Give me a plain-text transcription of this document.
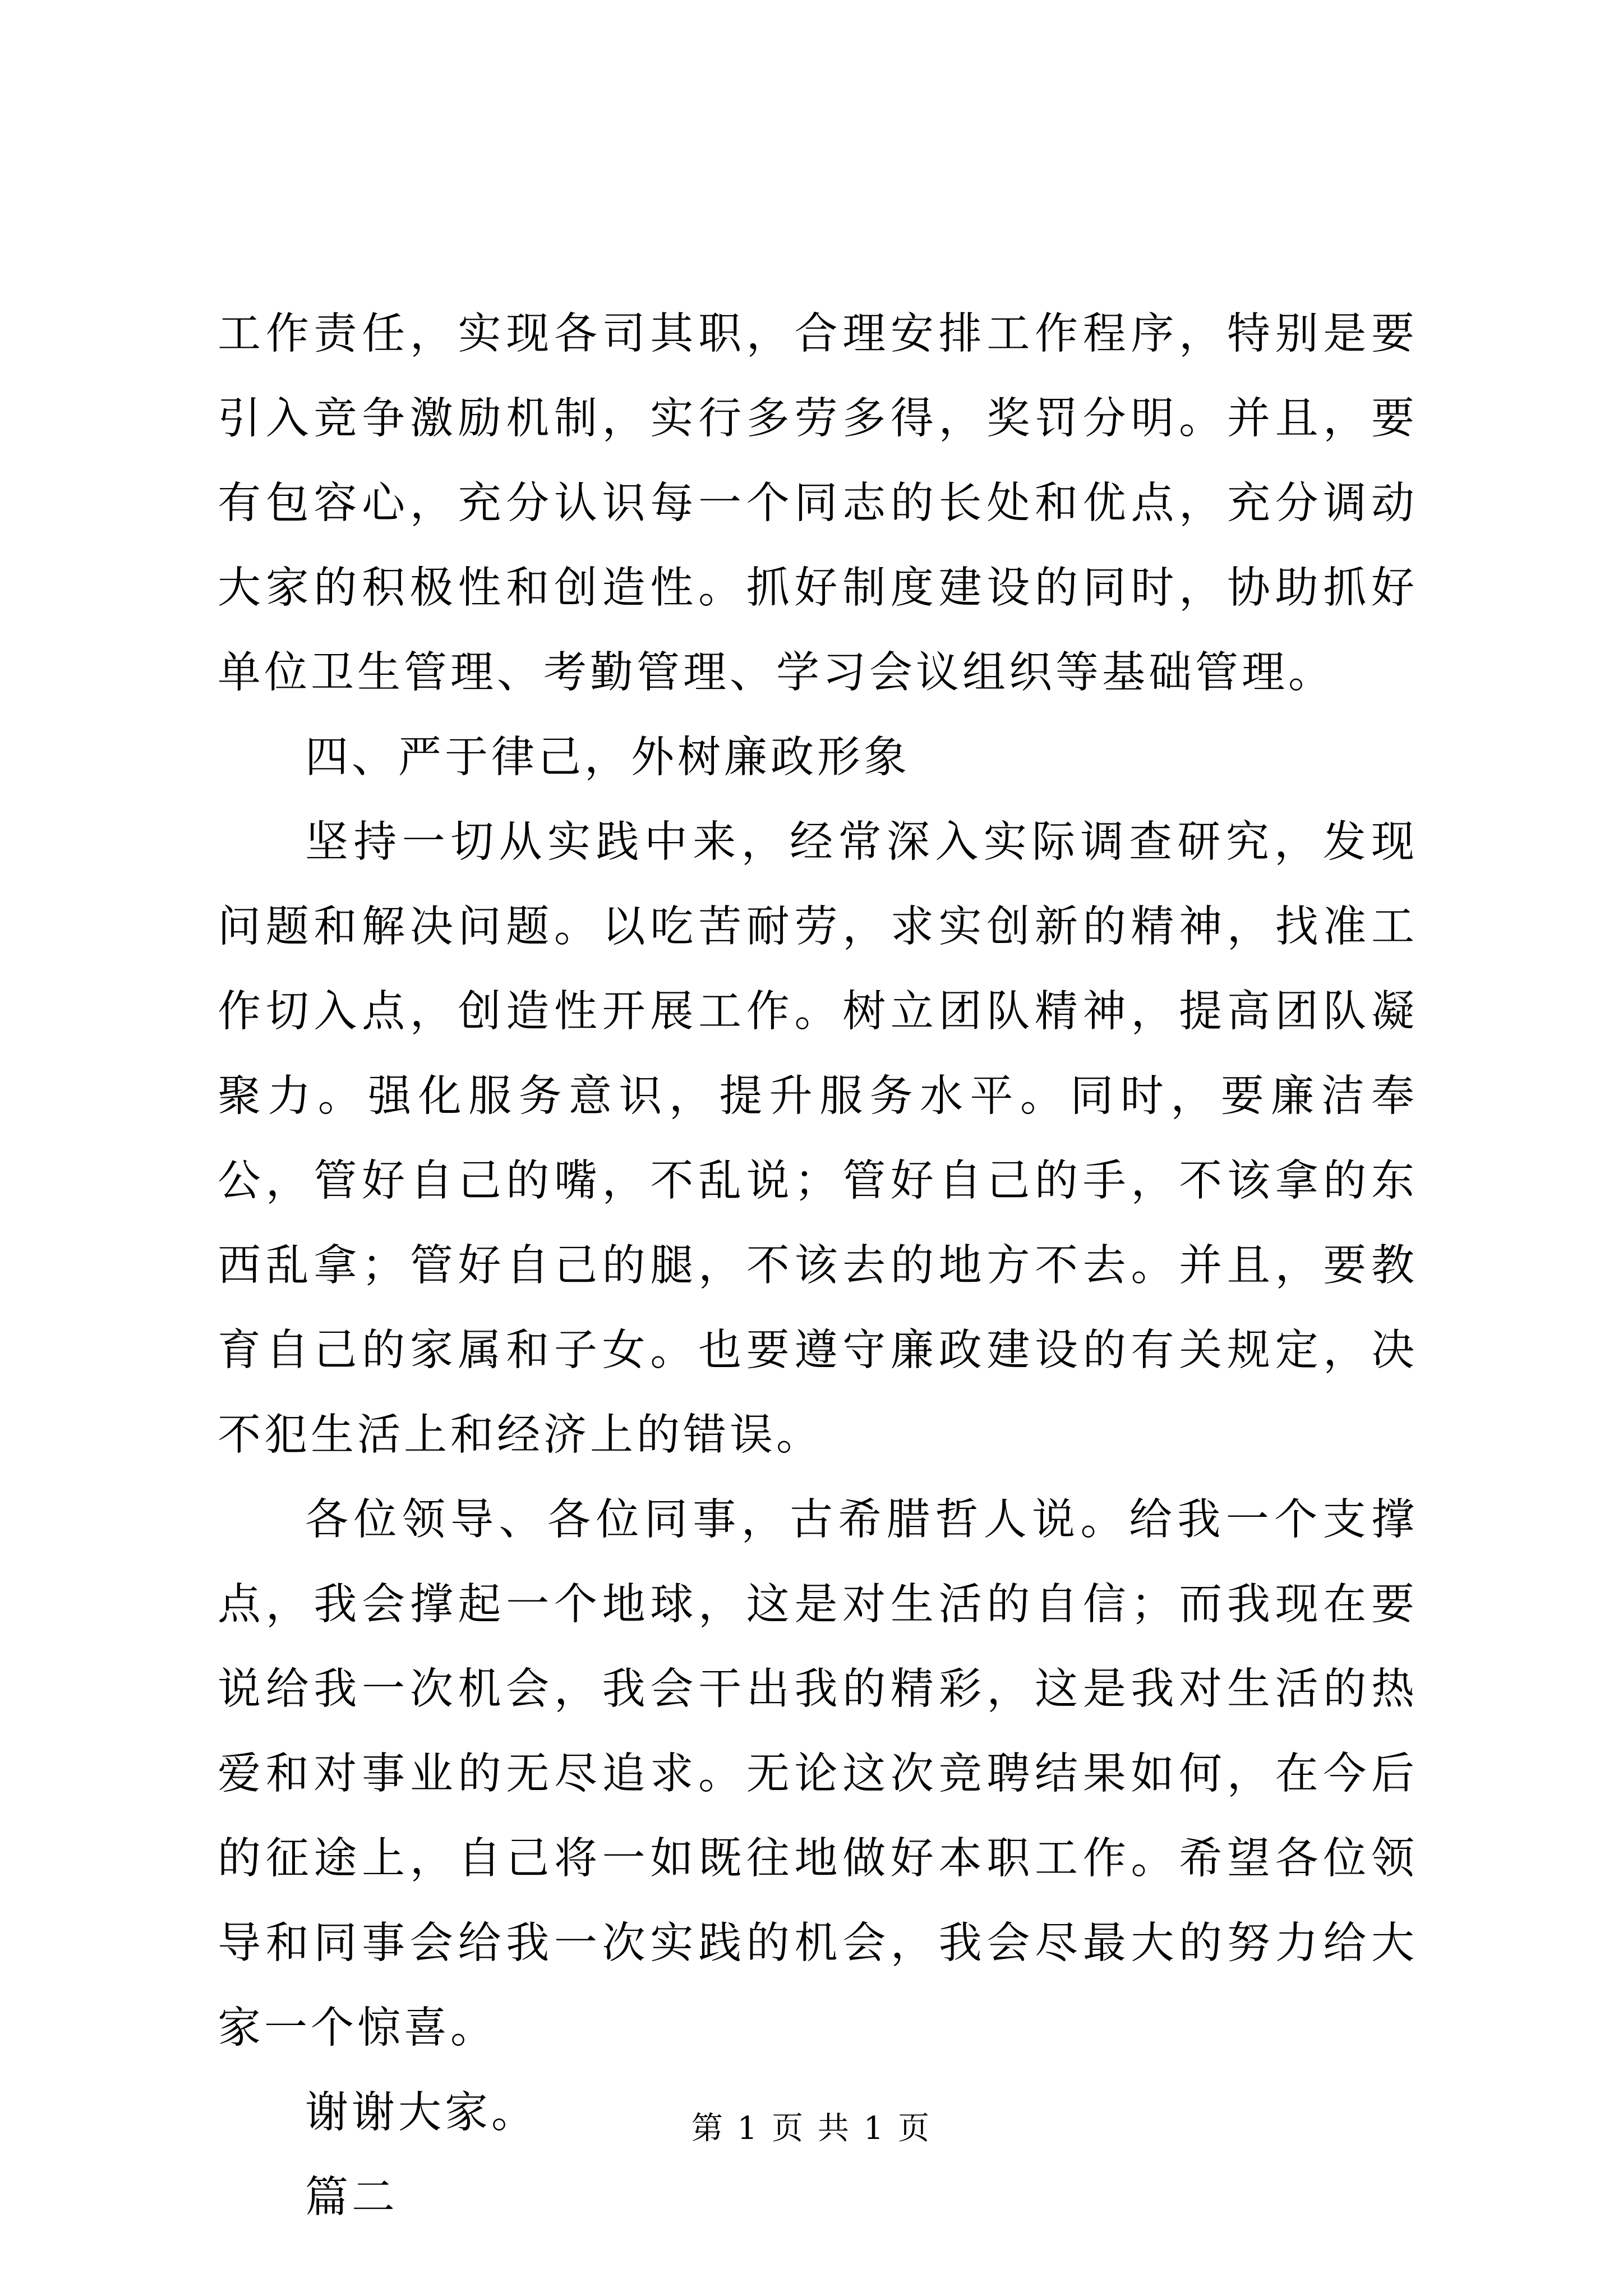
工作责任，实现各司其职，合理安排工作程序，特别是要引入竞争激励机制，实行多劳多得，奖罚分明。并且，要有包容心，充分认识每一个同志的长处和优点，充分调动大家的积极性和创造性。抓好制度建设的同时，协助抓好单位卫生管理、考勤管理、学习会议组织等基础管理。

四、严于律己，外树廉政形象

坚持一切从实践中来，经常深入实际调查研究，发现问题和解决问题。以吃苦耐劳，求实创新的精神，找准工作切入点，创造性开展工作。树立团队精神，提高团队凝聚力。强化服务意识，提升服务水平。同时，要廉洁奉公，管好自己的嘴，不乱说；管好自己的手，不该拿的东西乱拿；管好自己的腿，不该去的地方不去。并且，要教育自己的家属和子女。也要遵守廉政建设的有关规定，决不犯生活上和经济上的错误。

各位领导、各位同事，古希腊哲人说。给我一个支撑点，我会撑起一个地球，这是对生活的自信；而我现在要说给我一次机会，我会干出我的精彩，这是我对生活的热爱和对事业的无尽追求。无论这次竞聘结果如何，在今后的征途上，自己将一如既往地做好本职工作。希望各位领导和同事会给我一次实践的机会，我会尽最大的努力给大家一个惊喜。

谢谢大家。

篇二

第 1 页 共 1 页
